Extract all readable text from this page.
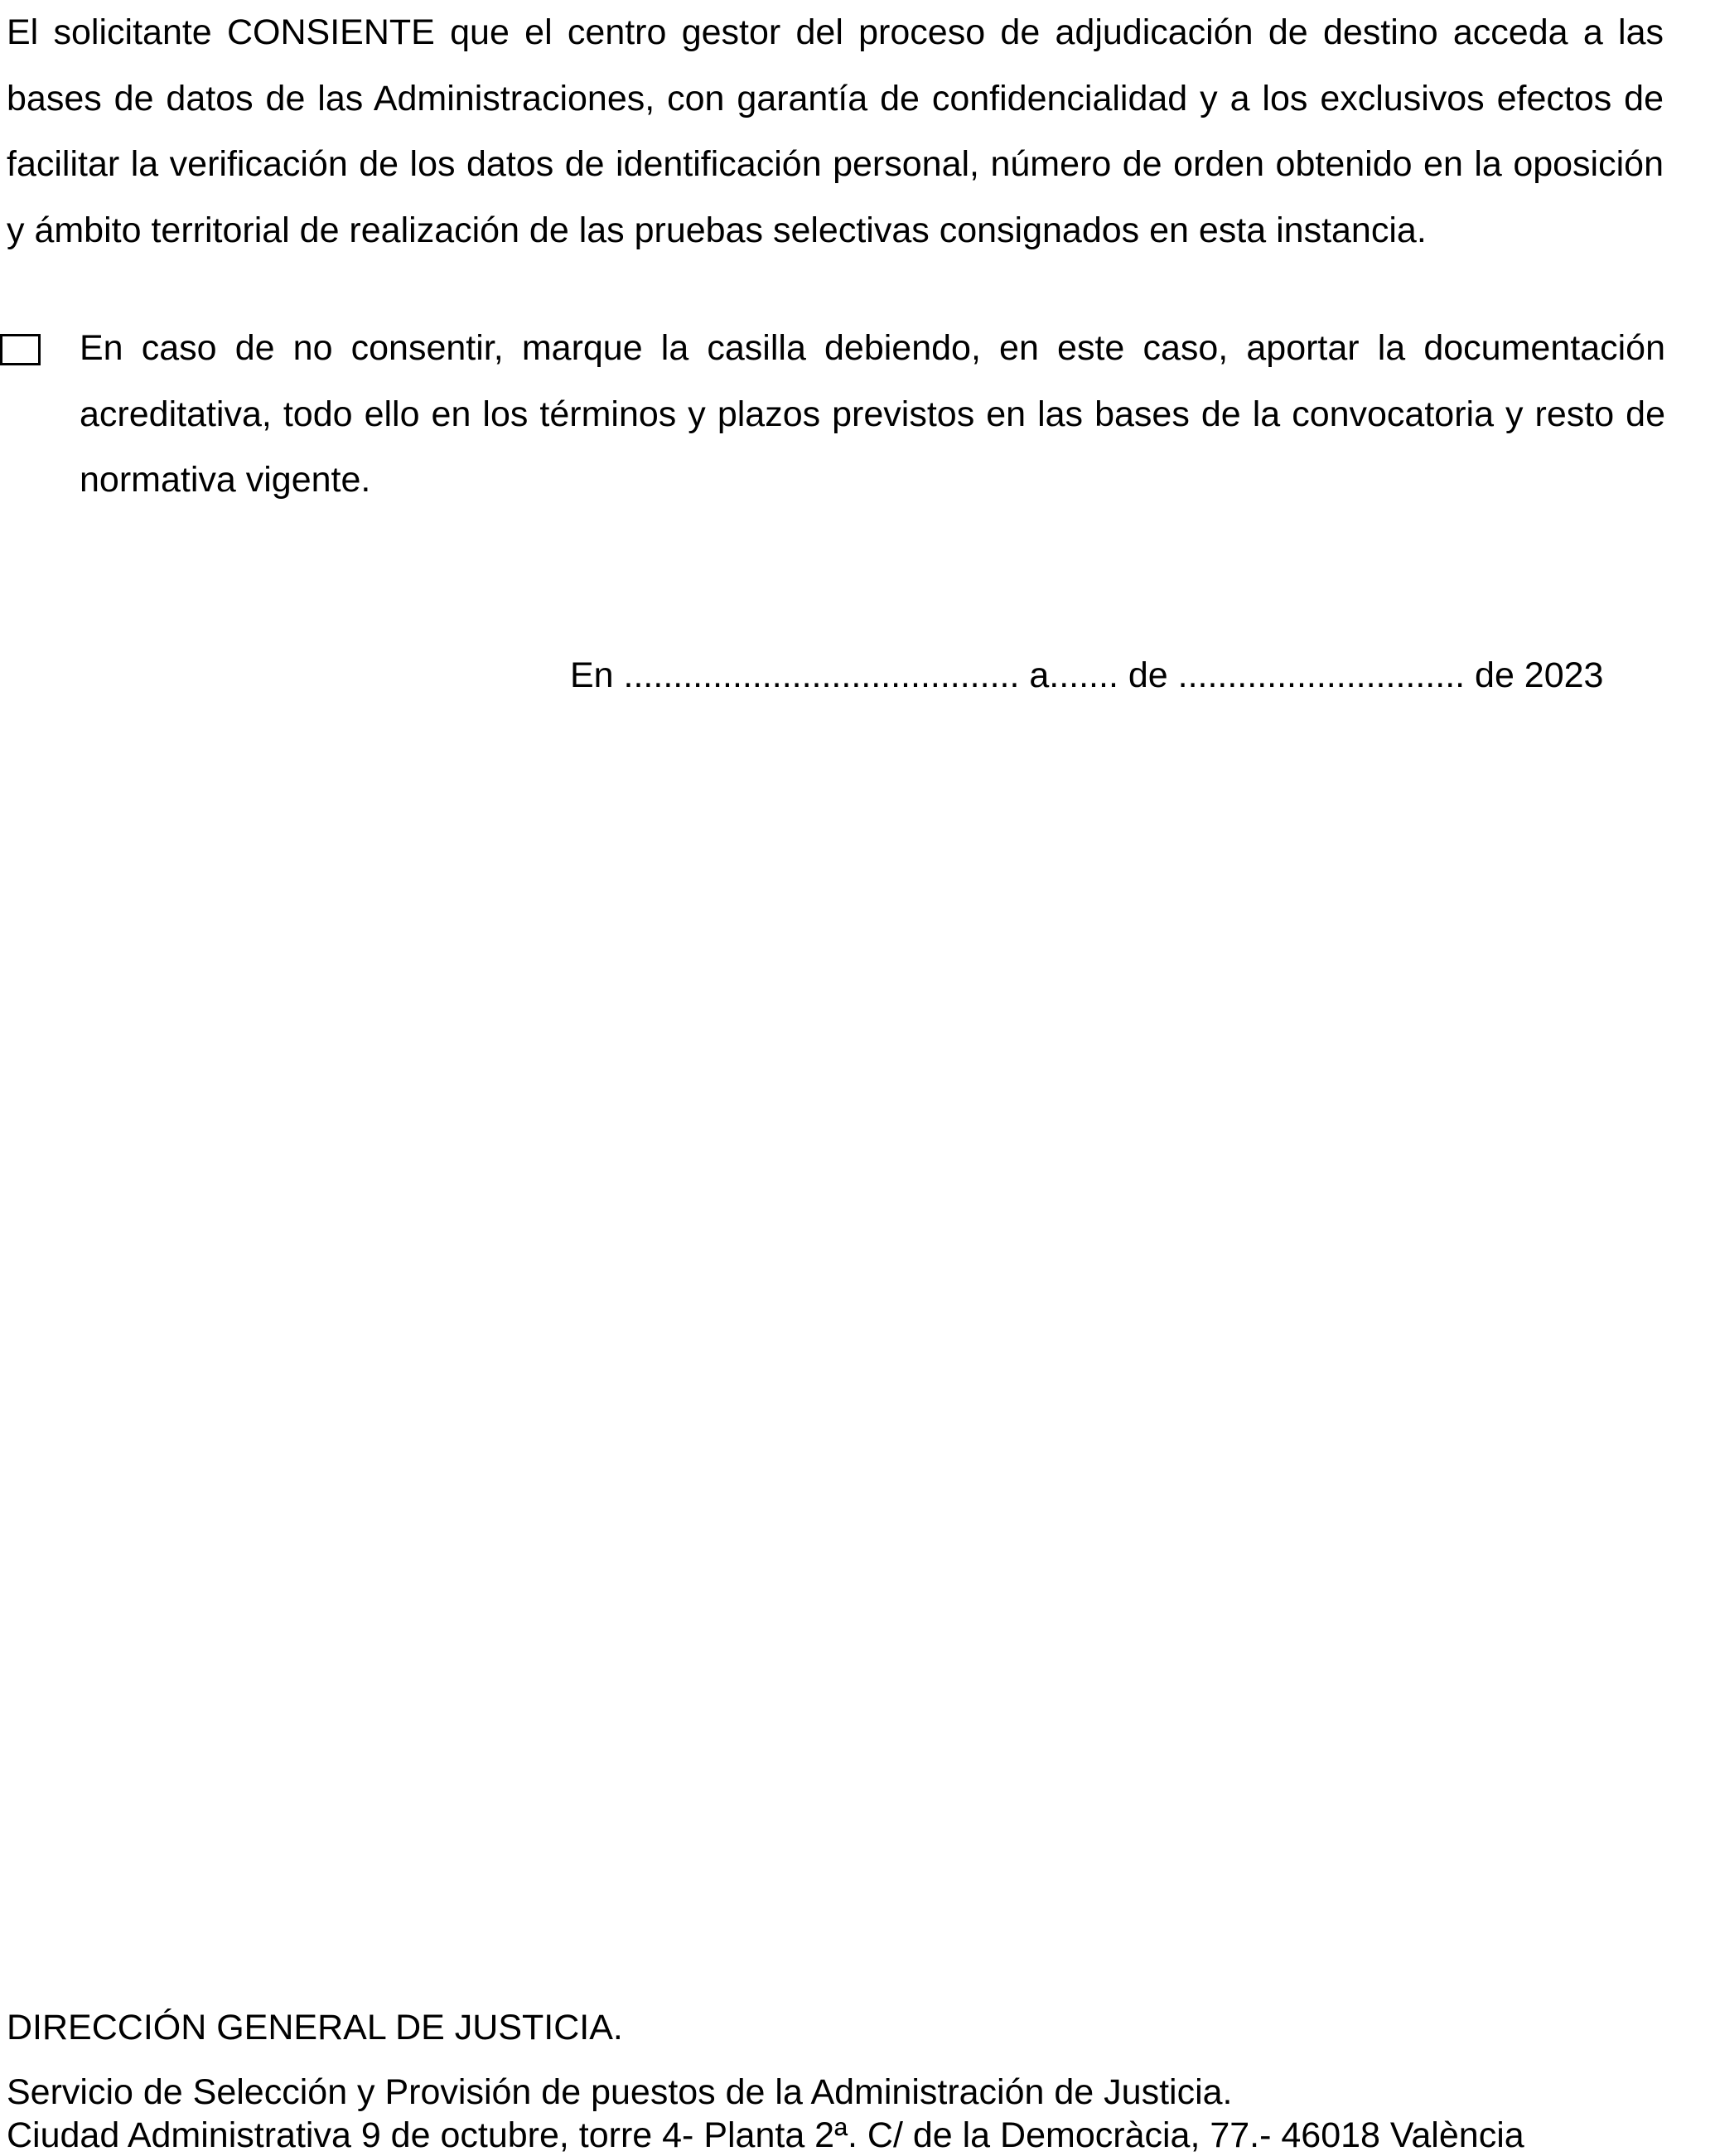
El solicitante CONSIENTE que el centro gestor del proceso de adjudicación de destino acceda a las bases de datos de las Administraciones, con garantía de confidencialidad y a los exclusivos efectos de facilitar la verificación de los datos de identificación personal, número de orden obtenido en la oposición y ámbito territorial de realización de las pruebas selectivas consignados en esta instancia.

En caso de no consentir, marque la casilla debiendo, en este caso, aportar la documentación acreditativa, todo ello en los términos y plazos previstos en las bases de la convocatoria y resto de normativa vigente.

En ........................................ a....... de ............................. de 2023
DIRECCIÓN GENERAL DE JUSTICIA.
Servicio de Selección y Provisión de puestos de la Administración de Justicia.
Ciudad Administrativa 9 de octubre, torre 4- Planta 2ª. C/ de la Democràcia, 77.- 46018 València
